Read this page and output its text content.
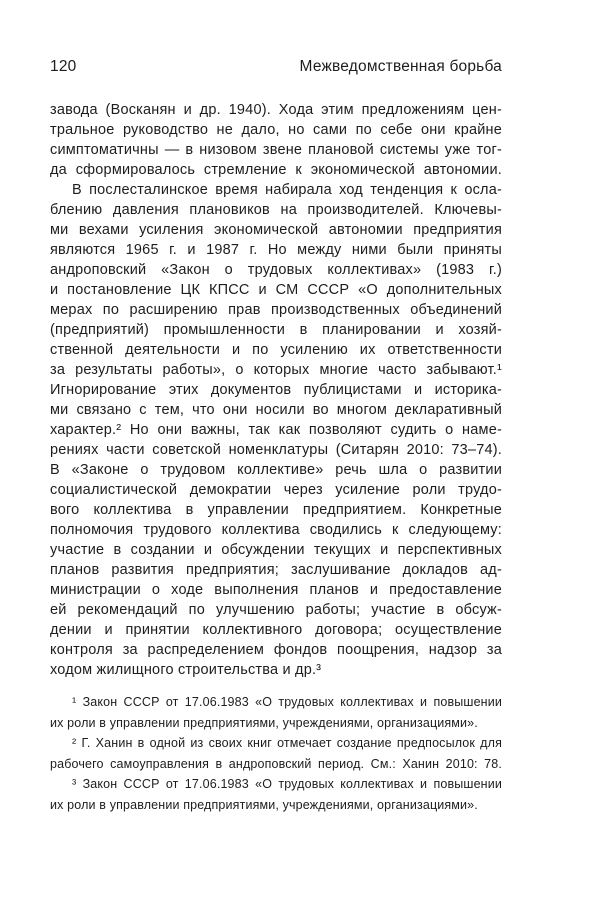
120	Межведомственная борьба
завода (Восканян и др. 1940). Хода этим предложениям цен-
тральное руководство не дало, но сами по себе они крайне
симптоматичны — в низовом звене плановой системы уже тог-
да сформировалось стремление к экономической автономии.
В послесталинское время набирала ход тенденция к осла-
блению давления плановиков на производителей. Ключевы-
ми вехами усиления экономической автономии предприятия
являются 1965 г. и 1987 г. Но между ними были приняты
андроповский «Закон о трудовых коллективах» (1983 г.)
и постановление ЦК КПСС и СМ СССР «О дополнительных
мерах по расширению прав производственных объединений
(предприятий) промышленности в планировании и хозяй-
ственной деятельности и по усилению их ответственности
за результаты работы», о которых многие часто забывают.¹
Игнорирование этих документов публицистами и историка-
ми связано с тем, что они носили во многом декларативный
характер.² Но они важны, так как позволяют судить о наме-
рениях части советской номенклатуры (Ситарян 2010: 73–74).
В «Законе о трудовом коллективе» речь шла о развитии
социалистической демократии через усиление роли трудо-
вого коллектива в управлении предприятием. Конкретные
полномочия трудового коллектива сводились к следующему:
участие в создании и обсуждении текущих и перспективных
планов развития предприятия; заслушивание докладов ад-
министрации о ходе выполнения планов и предоставление
ей рекомендаций по улучшению работы; участие в обсуж-
дении и принятии коллективного договора; осуществление
контроля за распределением фондов поощрения, надзор за
ходом жилищного строительства и др.³
¹ Закон СССР от 17.06.1983 «О трудовых коллективах и повышении
их роли в управлении предприятиями, учреждениями, организациями».
² Г. Ханин в одной из своих книг отмечает создание предпосылок для
рабочего самоуправления в андроповский период. См.: Ханин 2010: 78.
³ Закон СССР от 17.06.1983 «О трудовых коллективах и повышении
их роли в управлении предприятиями, учреждениями, организациями».
